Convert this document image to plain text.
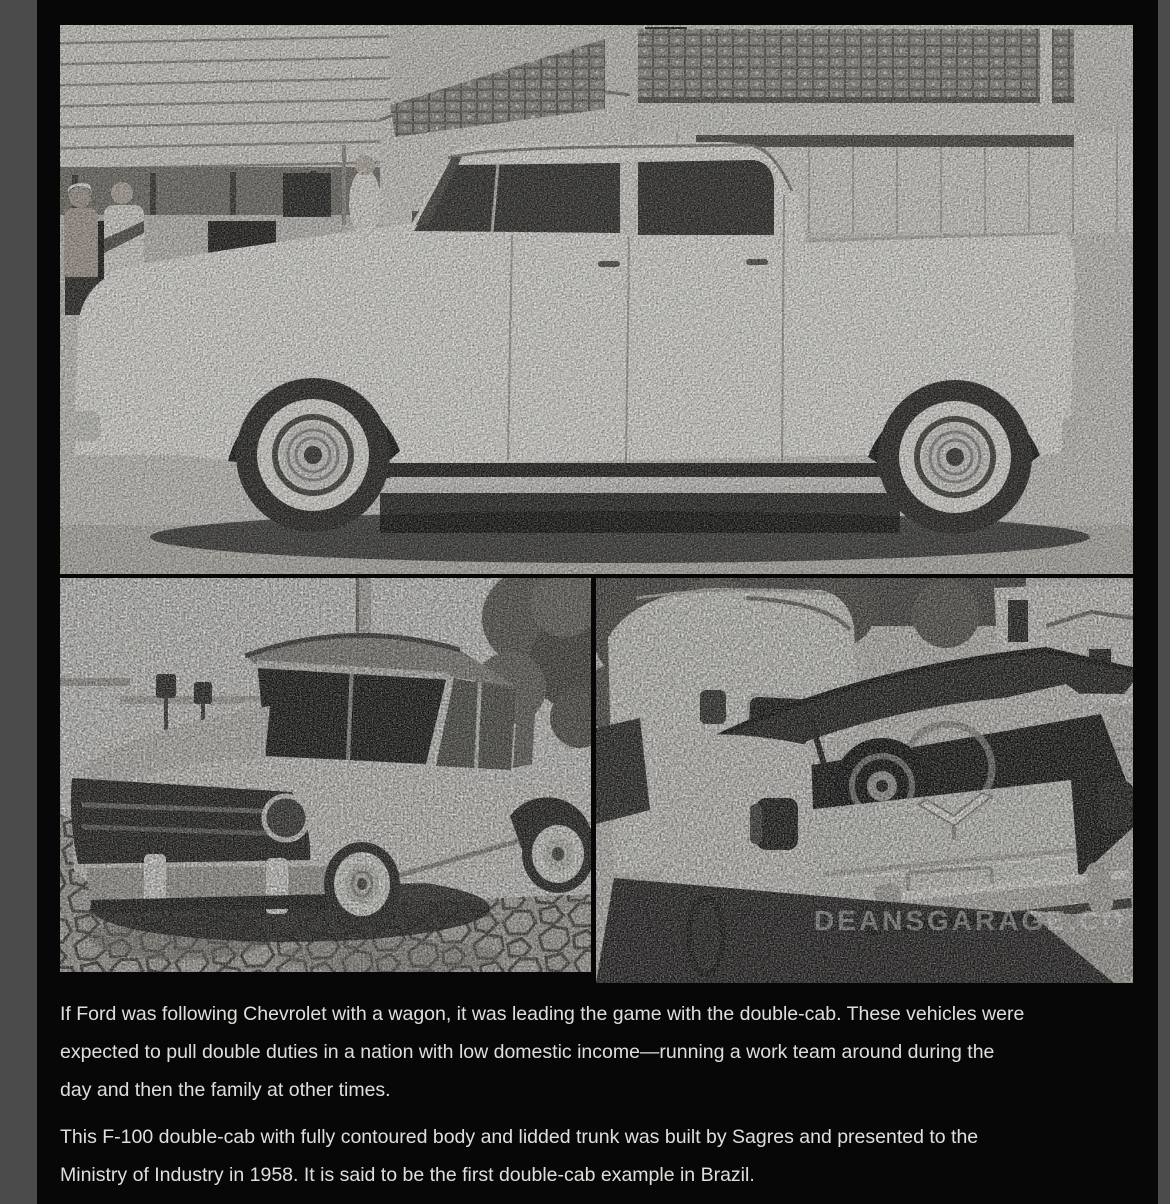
If Ford was following Chevrolet with a wagon, it was leading the game with the double-cab. These vehicles were
expected to pull double duties in a nation with low domestic income—running a work team around during the
day and then the family at other times.

This F-100 double-cab with fully contoured body and lidded trunk was built by Sagres and presented to the
Ministry of Industry in 1958. It is said to be the first double-cab example in Brazil.
